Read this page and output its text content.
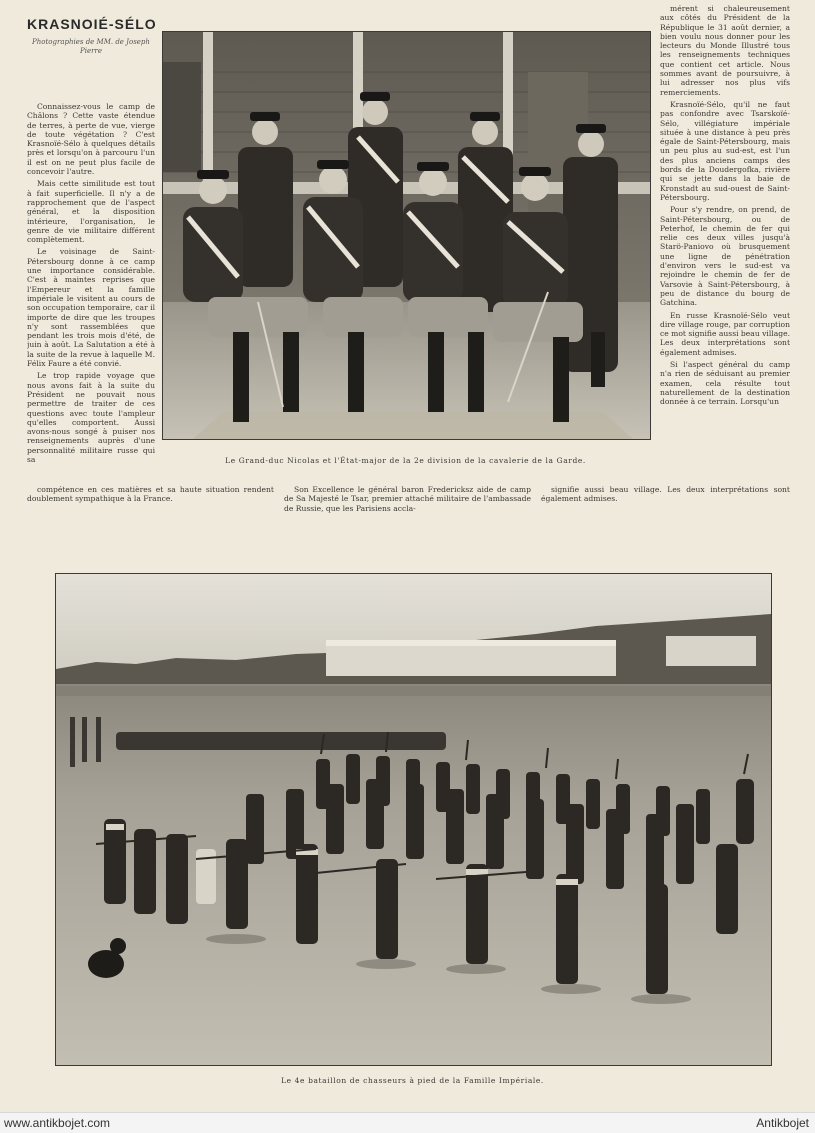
KRASNOIÉ-SÉLO
Photographies de MM. de Joseph Pierre

Connaissez-vous le camp de Châlons ? Cette vaste étendue de terres, à perte de vue, vierge de toute végétation ? C'est Krasnoïé-Sélo à quelques détails près et lorsqu'on à parcouru l'un il est on ne peut plus facile de concevoir l'autre.

Mais cette similitude est tout à fait superficielle. Il n'y a de rapprochement que de l'aspect général, et la disposition intérieure, l'organisation, le genre de vie militaire différent complètement.

Le voisinage de Saint-Pétersbourg donne à ce camp une importance considérable. C'est à maintes reprises que l'Empereur et la famille impériale le visitent au cours de son occupation temporaire, car il importe de dire que les troupes n'y sont rassemblées que pendant les trois mois d'été, de juin à août. La Salutation a été à la suite de la revue à laquelle M. Félix Faure a été convié.

Le trop rapide voyage que nous avons fait à la suite du Président ne pouvait nous permettre de traiter de ces questions avec toute l'ampleur qu'elles comportent. Aussi avons-nous songé à puiser nos renseignements auprès d'une personnalité militaire russe qui sa	Le Grand-duc Nicolas et l'État-major de la 2e division de la cavalerie de la Garde.

mérent si chaleureusement aux côtés du Président de la République le 31 août dernier, a bien voulu nous donner pour les lecteurs du Monde Illustré tous les renseignements techniques que contient cet article. Nous sommes avant de poursuivre, à lui adresser nos plus vifs remerciements.

Krasnoïé-Sélo, qu'il ne faut pas confondre avec Tsarskoïé-Sélo, villégiature impériale située à une distance à peu près égale de Saint-Pétersbourg, mais un peu plus au sud-est, est l'un des plus anciens camps des bords de la Doudergofka, rivière qui se jette dans la baie de Kronstadt au sud-ouest de Saint-Pétersbourg.

Pour s'y rendre, on prend, de Saint-Pétersbourg, ou de Peterhof, le chemin de fer qui relie ces deux villes jusqu'à Starö-Paniovo où brusquement une ligne de pénétration d'environ vers le sud-est va rejoindre le chemin de fer de Varsovie à Saint-Pétersbourg, à peu de distance du bourg de Gatchina.

En russe Krasnoïé-Sélo veut dire village rouge, par corruption ce mot signifie aussi beau village. Les deux interprétations sont également admises.

Si l'aspect général du camp n'a rien de séduisant au premier examen, cela résulte tout naturellement de la destination donnée à ce terrain. Lorsqu'un

compétence en ces matières et sa haute situation rendent doublement sympathique à la France.

Son Excellence le général baron Fredericksz aide de camp de Sa Majesté le Tsar, premier attaché militaire de l'ambassade de Russie, que les Parisiens accla-

signifie aussi beau village. Les deux interprétations sont également admises.

Le 4e bataillon de chasseurs à pied de la Famille Impériale.
www.antikbojet.com	Antikbojet
